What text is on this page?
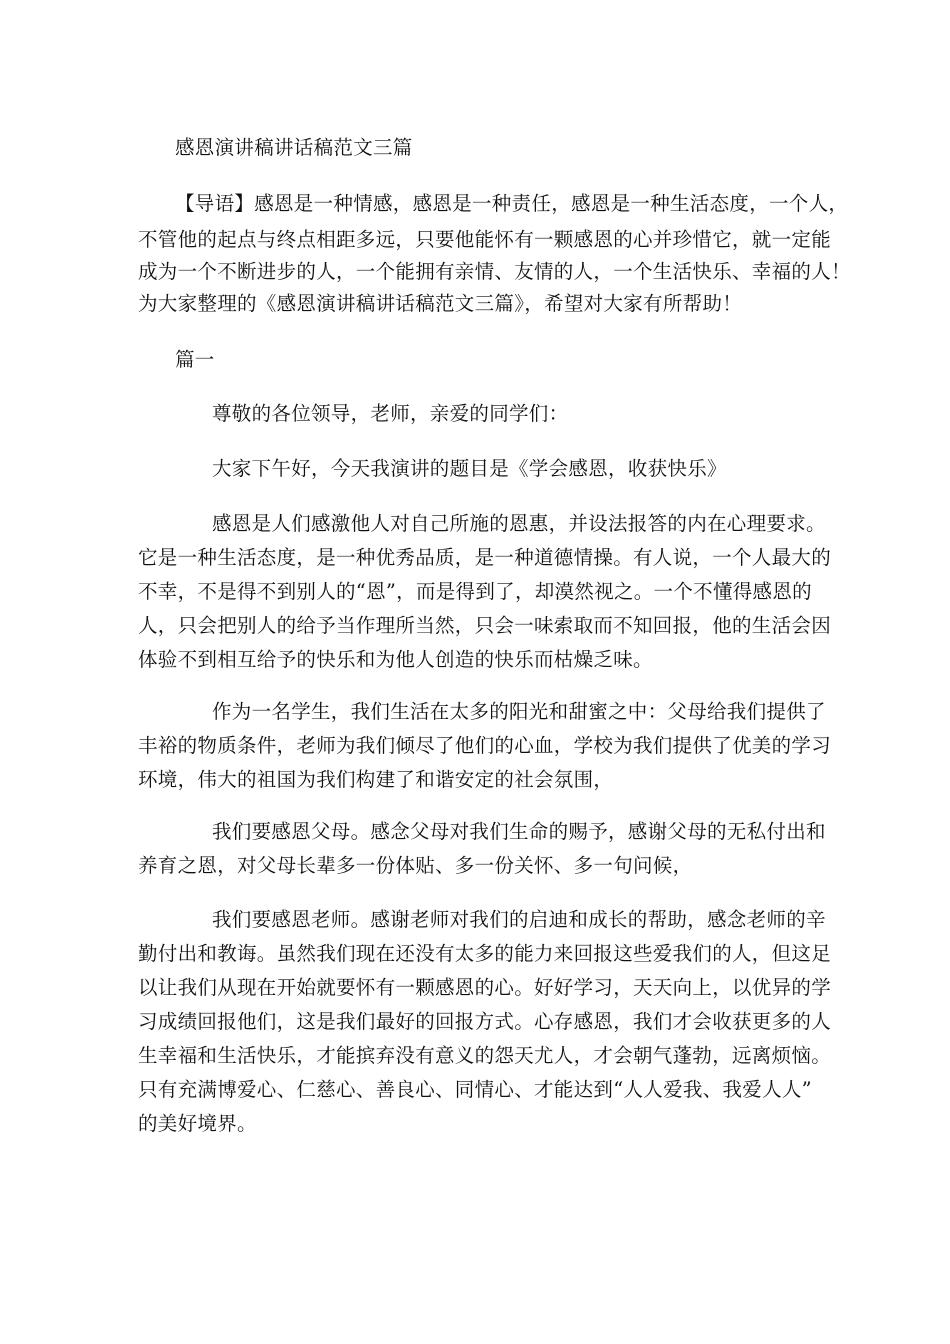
感恩演讲稿讲话稿范文三篇
【导语】感恩是一种情感，感恩是一种责任，感恩是一种生活态度，一个人，
不管他的起点与终点相距多远，只要他能怀有一颗感恩的心并珍惜它，就一定能
成为一个不断进步的人，一个能拥有亲情、友情的人，一个生活快乐、幸福的人！
为大家整理的《感恩演讲稿讲话稿范文三篇》，希望对大家有所帮助！
篇一
尊敬的各位领导，老师，亲爱的同学们：
大家下午好，今天我演讲的题目是《学会感恩，收获快乐》
感恩是人们感激他人对自己所施的恩惠，并设法报答的内在心理要求。
它是一种生活态度，是一种优秀品质，是一种道德情操。有人说，一个人最大的
不幸，不是得不到别人的“恩”，而是得到了，却漠然视之。一个不懂得感恩的
人，只会把别人的给予当作理所当然，只会一味索取而不知回报，他的生活会因
体验不到相互给予的快乐和为他人创造的快乐而枯燥乏味。
作为一名学生，我们生活在太多的阳光和甜蜜之中：父母给我们提供了
丰裕的物质条件，老师为我们倾尽了他们的心血，学校为我们提供了优美的学习
环境，伟大的祖国为我们构建了和谐安定的社会氛围，
我们要感恩父母。感念父母对我们生命的赐予，感谢父母的无私付出和
养育之恩，对父母长辈多一份体贴、多一份关怀、多一句问候，
我们要感恩老师。感谢老师对我们的启迪和成长的帮助，感念老师的辛
勤付出和教诲。虽然我们现在还没有太多的能力来回报这些爱我们的人，但这足
以让我们从现在开始就要怀有一颗感恩的心。好好学习，天天向上，以优异的学
习成绩回报他们，这是我们最好的回报方式。心存感恩，我们才会收获更多的人
生幸福和生活快乐，才能摈弃没有意义的怨天尤人，才会朝气蓬勃，远离烦恼。
只有充满博爱心、仁慈心、善良心、同情心、才能达到“人人爱我、我爱人人”
的美好境界。
